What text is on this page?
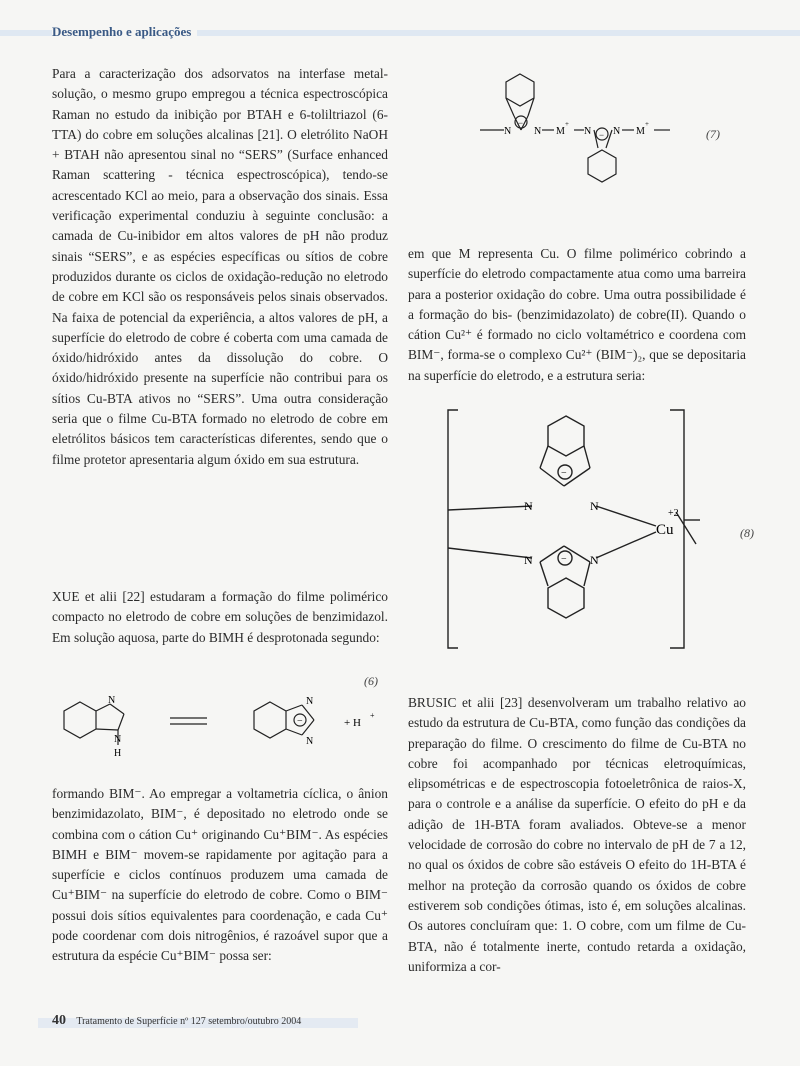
Desempenho e aplicações

Para a caracterização dos adsorvatos na interfase metal-solução, o mesmo grupo empregou a técnica espectroscópica Raman no estudo da inibição por BTAH e 6-toliltriazol (6-TTA) do cobre em soluções alcalinas [21]. O eletrólito NaOH + BTAH não apresentou sinal no “SERS” (Surface enhanced Raman scattering - técnica espectroscópica), tendo-se acrescentado KCl ao meio, para a observação dos sinais. Essa verificação experimental conduziu à seguinte conclusão: a camada de Cu-inibidor em altos valores de pH não produz sinais “SERS”, e as espécies específicas ou sítios de cobre produzidos durante os ciclos de oxidação-redução no eletrodo de cobre em KCl são os responsáveis pelos sinais observados. Na faixa de potencial da experiência, a altos valores de pH, a superfície do eletrodo de cobre é coberta com uma camada de óxido/hidróxido antes da dissolução do cobre. O óxido/hidróxido presente na superfície não contribui para os sítios Cu-BTA ativos no “SERS”. Uma outra consideração seria que o filme Cu-BTA formado no eletrodo de cobre em eletrólitos básicos tem características diferentes, sendo que o filme protetor apresentaria algum óxido em sua estrutura.

XUE et alii [22] estudaram a formação do filme polimérico compacto no eletrodo de cobre em soluções de benzimidazol. Em solução aquosa, parte do BIMH é desprotonada segundo:

N
N
H
N
N
−	+ H
+
(6)

formando BIM⁻. Ao empregar a voltametria cíclica, o ânion benzimidazolato, BIM⁻, é depositado no eletrodo onde se combina com o cátion Cu⁺ originando Cu⁺BIM⁻. As espécies BIMH e BIM⁻ movem-se rapidamente por agitação para a superfície e ciclos contínuos produzem uma camada de Cu⁺BIM⁻ na superfície do eletrodo de cobre. Como o BIM⁻ possui dois sítios equivalentes para coordenação, e cada Cu⁺ pode coordenar com dois nitrogênios, é razoável supor que a estrutura da espécie Cu⁺BIM⁻ possa ser:

N N
−
M
+
N N
−	M
+
(7)

em que M representa Cu. O filme polimérico cobrindo a superfície do eletrodo compactamente atua como uma barreira para a posterior oxidação do cobre. Uma outra possibilidade é a formação do bis- (benzimidazolato) de cobre(II). Quando o cátion Cu²⁺ é formado no ciclo voltamétrico e coordena com BIM⁻, forma-se o complexo Cu²⁺ (BIM⁻)₂, que se depositaria na superfície do eletrodo, e a estrutura seria:

N	N
N	N
−
−
Cu
+2
(8)

BRUSIC et alii [23] desenvolveram um trabalho relativo ao estudo da estrutura de Cu-BTA, como função das condições da preparação do filme. O crescimento do filme de Cu-BTA no cobre foi acompanhado por técnicas eletroquímicas, elipsométricas e de espectroscopia fotoeletrônica de raios-X, para o controle e a análise da superfície. O efeito do pH e da adição de 1H-BTA foram avaliados. Obteve-se a menor velocidade de corrosão do cobre no intervalo de pH de 7 a 12, no qual os óxidos de cobre são estáveis O efeito do 1H-BTA é melhor na proteção da corrosão quando os óxidos de cobre estiverem sob condições ótimas, isto é, em soluções alcalinas. Os autores concluíram que: 1. O cobre, com um filme de Cu-BTA, não é totalmente inerte, contudo retarda a oxidação, uniformiza a cor-

40 Tratamento de Superfície nº 127 setembro/outubro 2004
